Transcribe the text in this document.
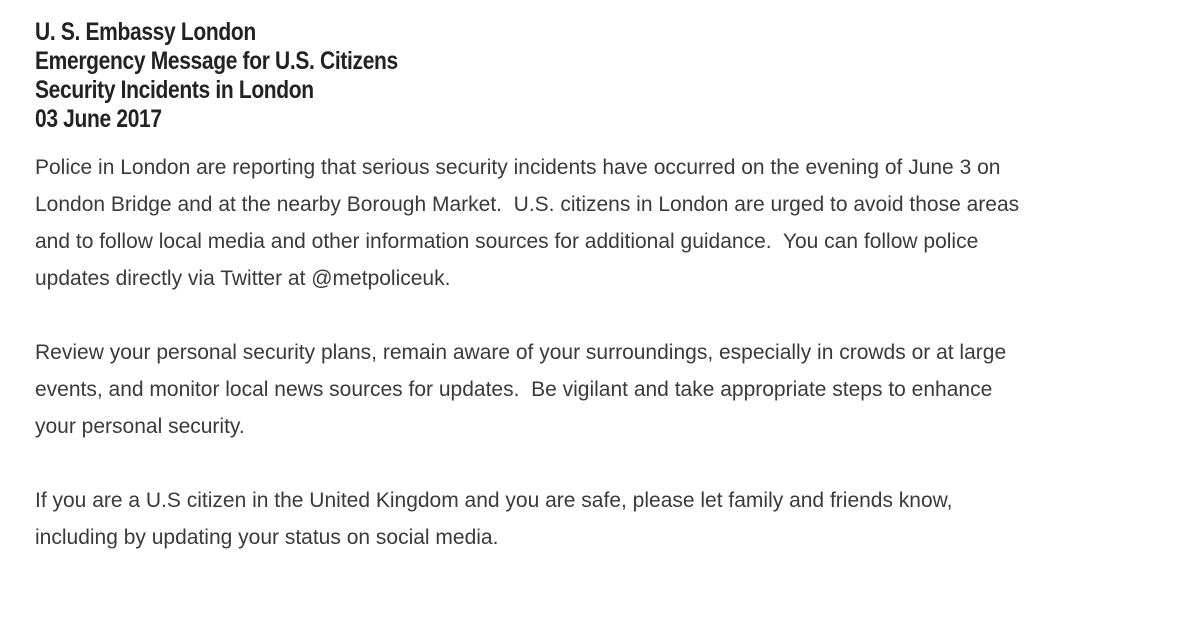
U. S. Embassy London
Emergency Message for U.S. Citizens
Security Incidents in London
03 June 2017

Police in London are reporting that serious security incidents have occurred on the evening of June 3 on
London Bridge and at the nearby Borough Market.  U.S. citizens in London are urged to avoid those areas
and to follow local media and other information sources for additional guidance.  You can follow police
updates directly via Twitter at @metpoliceuk.

Review your personal security plans, remain aware of your surroundings, especially in crowds or at large
events, and monitor local news sources for updates.  Be vigilant and take appropriate steps to enhance
your personal security.

If you are a U.S citizen in the United Kingdom and you are safe, please let family and friends know,
including by updating your status on social media.
